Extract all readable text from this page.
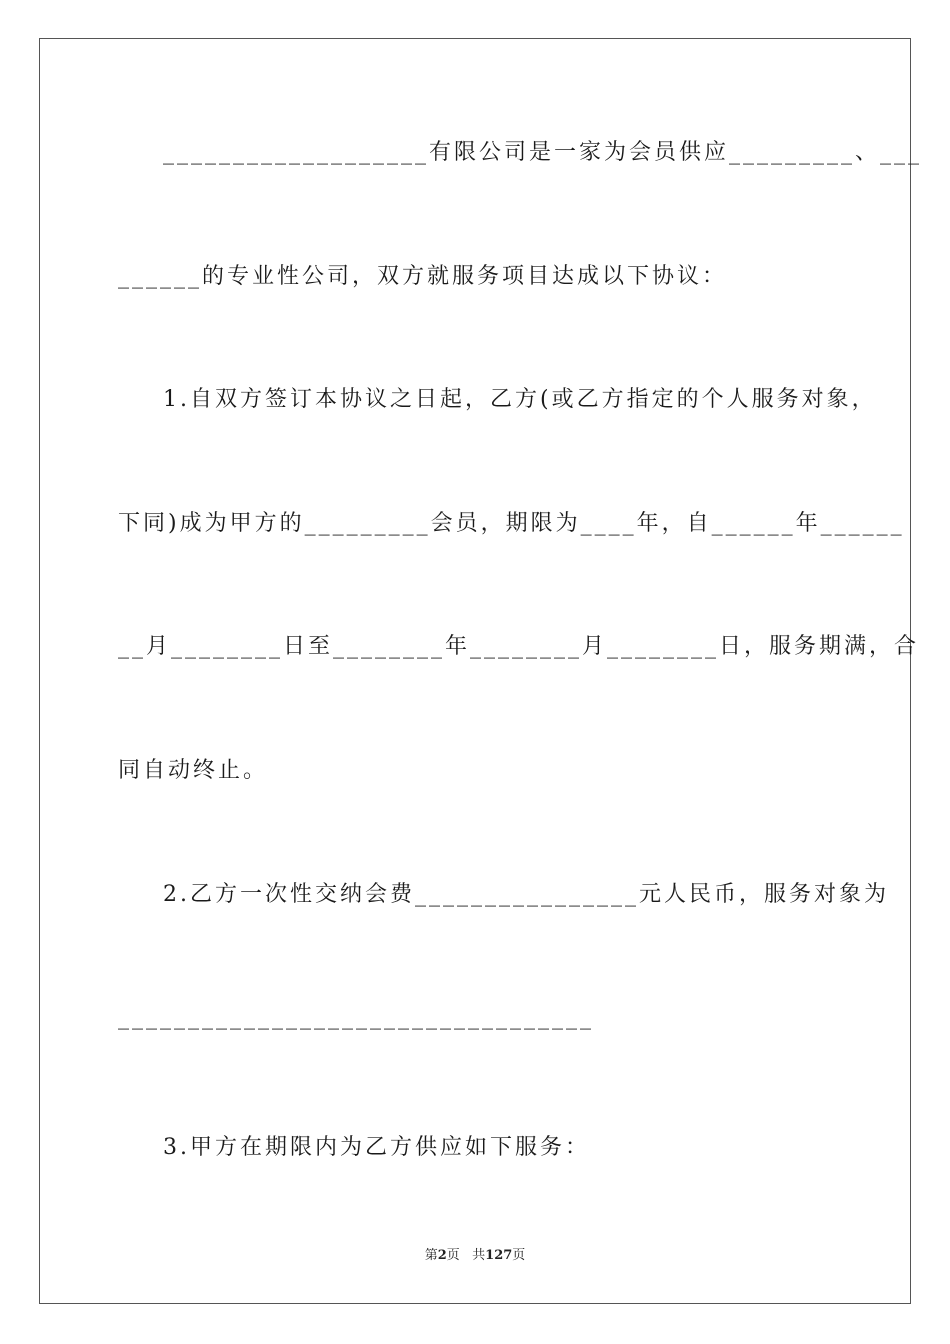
___________________有限公司是一家为会员供应_________、___
______的专业性公司，双方就服务项目达成以下协议：
1.自双方签订本协议之日起，乙方(或乙方指定的个人服务对象，
下同)成为甲方的_________会员，期限为____年，自______年______
__月________日至________年________月________日，服务期满，合
同自动终止。
2.乙方一次性交纳会费________________元人民币，服务对象为
__________________________________
3.甲方在期限内为乙方供应如下服务：
第2页   共127页
